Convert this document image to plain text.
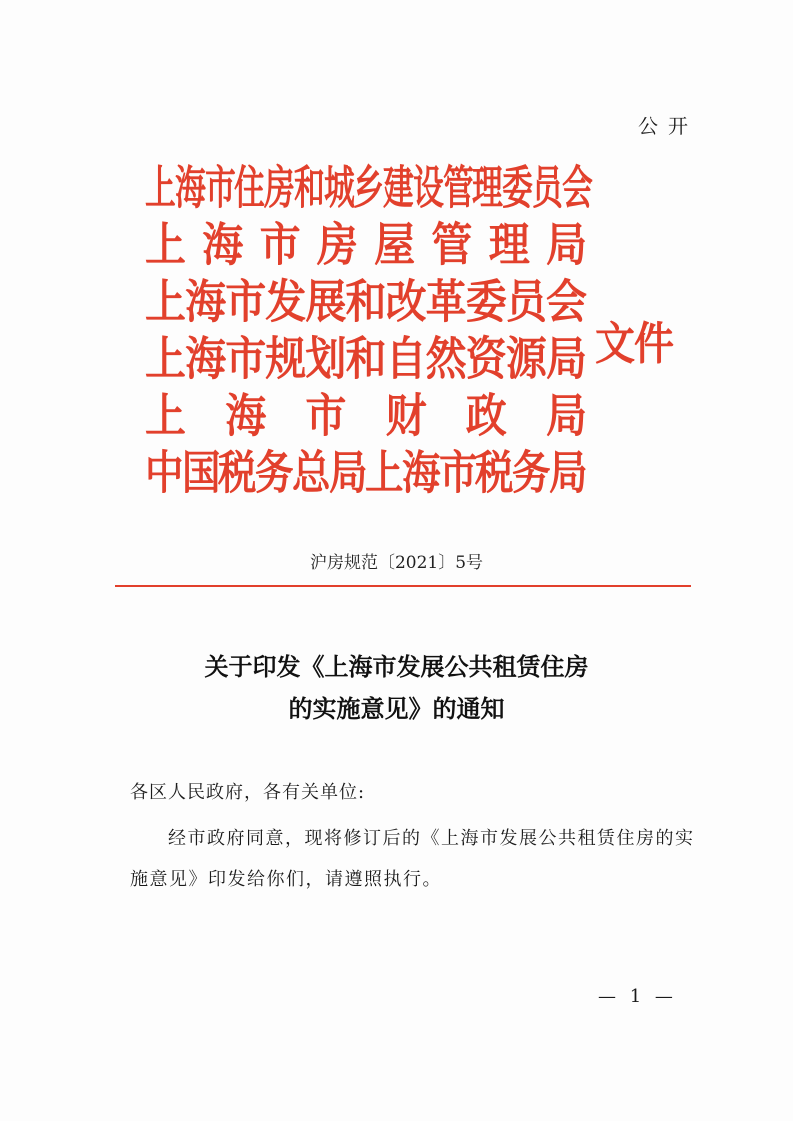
公开
上
海
市
住
房
和
城
乡
建
设
管
理
委
员
会
上 海 市 房 屋 管 理 局
上 海 市 发 展 和 改 革 委 员 会
上 海 市 规 划 和 自 然 资 源 局
上 海 市 财 政 局
中
国
税
务
总
局
上
海
市
税
务
局
文件
沪房规范〔2021〕5号
关于印发《上海市发展公共租赁住房
的实施意见》的通知
各区人民政府，各有关单位:
经市政府同意，现将修订后的《上海市发展公共租赁住房的实施意见》印发给你们，请遵照执行。
— 1 —
